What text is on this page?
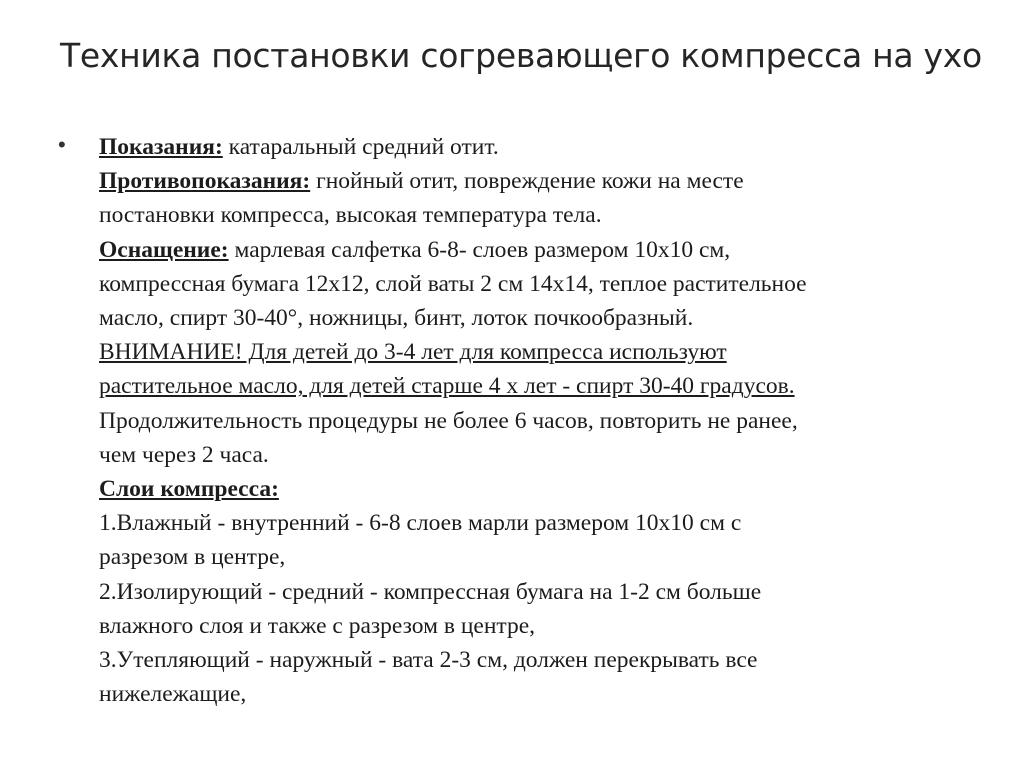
Техника постановки согревающего компресса на ухо
• Показания: катаральный средний отит.
Противопоказания: гнойный отит, повреждение кожи на месте
постановки компресса, высокая температура тела.
Оснащение: марлевая салфетка 6-8- слоев размером 10х10 см,
компрессная бумага 12х12, слой ваты 2 см 14х14, теплое растительное
масло, спирт 30-40°, ножницы, бинт, лоток почкообразный.
ВНИМАНИЕ! Для детей до 3-4 лет для компресса используют
растительное масло, для детей старше 4 х лет - спирт 30-40 градусов.
Продолжительность процедуры не более 6 часов, повторить не ранее,
чем через 2 часа.
Слои компресса:
1.Влажный - внутренний - 6-8 слоев марли размером 10х10 см с
разрезом в центре,
2.Изолирующий - средний - компрессная бумага на 1-2 см больше
влажного слоя и также с разрезом в центре,
3.Утепляющий - наружный - вата 2-3 см, должен перекрывать все
нижележащие,
